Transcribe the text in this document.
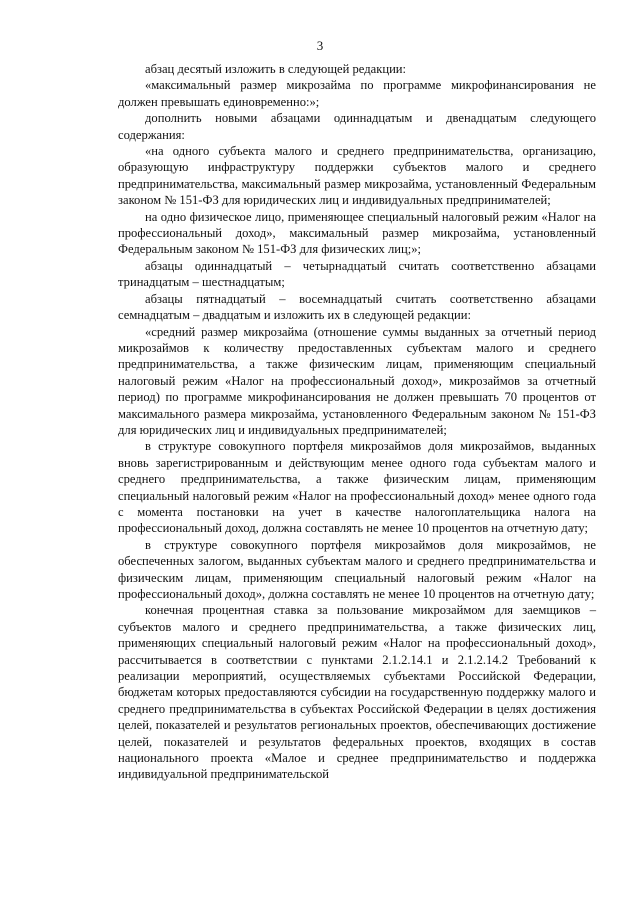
3

абзац десятый изложить в следующей редакции:

«максимальный размер микрозайма по программе микрофинансирования не должен превышать единовременно:»;

дополнить новыми абзацами одиннадцатым и двенадцатым следующего содержания:

«на одного субъекта малого и среднего предпринимательства, организацию, образующую инфраструктуру поддержки субъектов малого и среднего предпринимательства, максимальный размер микрозайма, установленный Федеральным законом № 151-ФЗ для юридических лиц и индивидуальных предпринимателей;

на одно физическое лицо, применяющее специальный налоговый режим «Налог на профессиональный доход», максимальный размер микрозайма, установленный Федеральным законом № 151-ФЗ для физических лиц;»;

абзацы одиннадцатый – четырнадцатый считать соответственно абзацами тринадцатым – шестнадцатым;

абзацы пятнадцатый – восемнадцатый считать соответственно абзацами семнадцатым – двадцатым и изложить их в следующей редакции:

«средний размер микрозайма (отношение суммы выданных за отчетный период микрозаймов к количеству предоставленных субъектам малого и среднего предпринимательства, а также физическим лицам, применяющим специальный налоговый режим «Налог на профессиональный доход», микрозаймов за отчетный период) по программе микрофинансирования не должен превышать 70 процентов от максимального размера микрозайма, установленного Федеральным законом № 151-ФЗ для юридических лиц и индивидуальных предпринимателей;

в структуре совокупного портфеля микрозаймов доля микрозаймов, выданных вновь зарегистрированным и действующим менее одного года субъектам малого и среднего предпринимательства, а также физическим лицам, применяющим специальный налоговый режим «Налог на профессиональный доход» менее одного года с момента постановки на учет в качестве налогоплательщика налога на профессиональный доход, должна составлять не менее 10 процентов на отчетную дату;

в структуре совокупного портфеля микрозаймов доля микрозаймов, не обеспеченных залогом, выданных субъектам малого и среднего предпринимательства и физическим лицам, применяющим специальный налоговый режим «Налог на профессиональный доход», должна составлять не менее 10 процентов на отчетную дату;

конечная процентная ставка за пользование микрозаймом для заемщиков – субъектов малого и среднего предпринимательства, а также физических лиц, применяющих специальный налоговый режим «Налог на профессиональный доход», рассчитывается в соответствии с пунктами 2.1.2.14.1 и 2.1.2.14.2 Требований к реализации мероприятий, осуществляемых субъектами Российской Федерации, бюджетам которых предоставляются субсидии на государственную поддержку малого и среднего предпринимательства в субъектах Российской Федерации в целях достижения целей, показателей и результатов региональных проектов, обеспечивающих достижение целей, показателей и результатов федеральных проектов, входящих в состав национального проекта «Малое и среднее предпринимательство и поддержка индивидуальной предпринимательской
